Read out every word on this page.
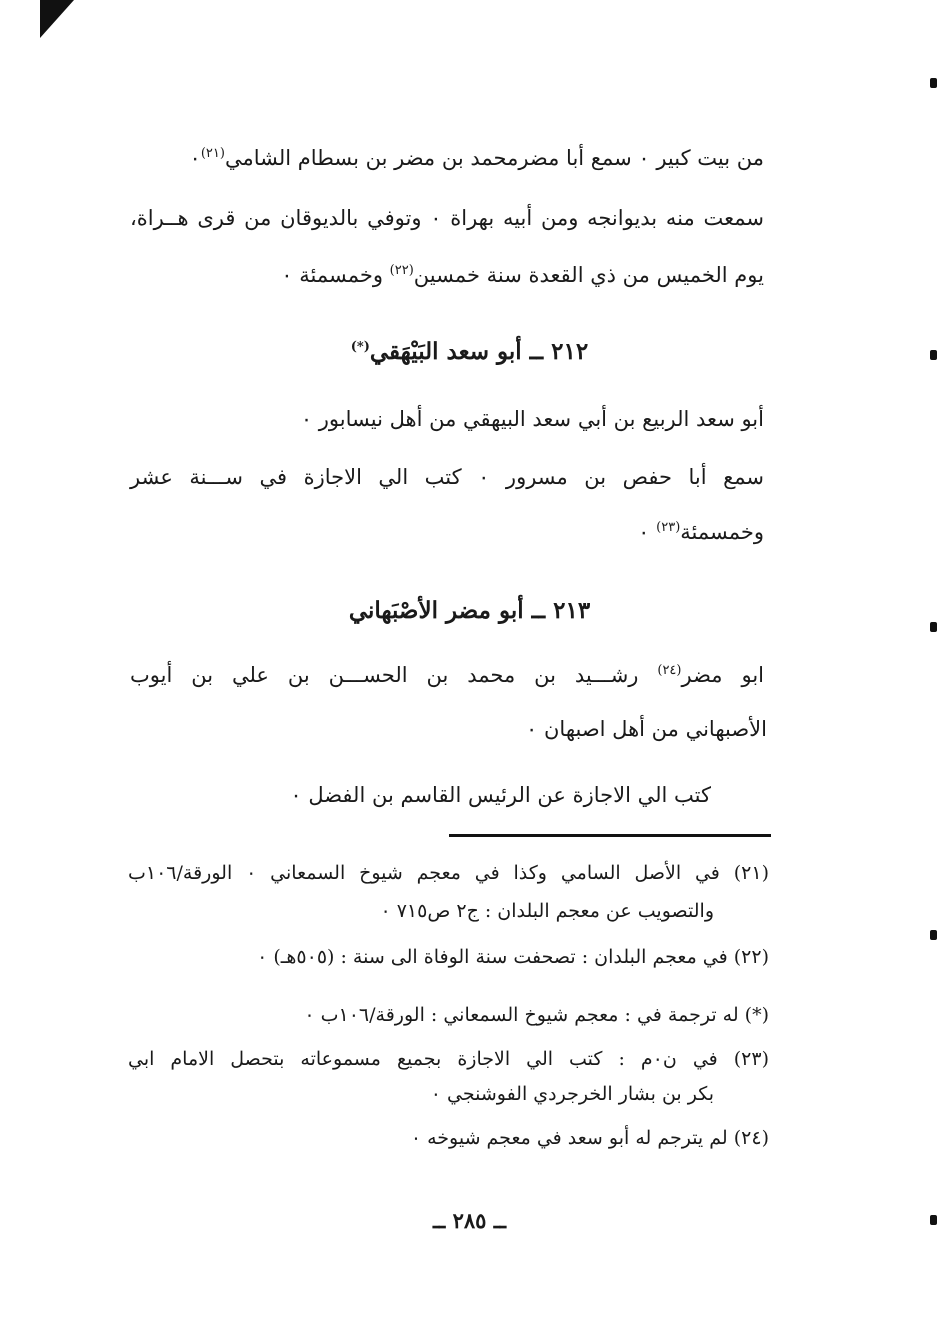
من بيت كبير ٠ سمع أبا مضرمحمد بن مضر بن بسطام الشامي$^{(٢١)}$٠
سمعت منه بديوانجه ومن أبيه بهراة ٠ وتوفي بالديوقان من قرى هــراة،
يوم الخميس من ذي القعدة سنة خمسين$^{(٢٢)}$ وخمسمئة ٠
٢١٢ ــ أبو سعد البَيْهَقي(*)
أبو سعد الربيع بن أبي سعد البيهقي من أهل نيسابور ٠
سمع أبا حفص بن مسرور ٠ كتب الي الاجازة في ســـنة عشر
وخمسمئة$^{(٢٣)}$ ٠
٢١٣ ــ أبو مضر الأصْبَهاني
ابو مضر$^{(٢٤)}$ رشـــيد بن محمد بن الحســـن بن علي بن أيوب
الأصبهاني من أهل اصبهان ٠
كتب الي الاجازة عن الرئيس القاسم بن الفضل ٠
(٢١) في الأصل السامي وكذا في معجم شيوخ السمعاني ٠ الورقة/١٠٦ب
والتصويب عن معجم البلدان : ج٢ ص٧١٥ ٠
(٢٢) في معجم البلدان : تصحفت سنة الوفاة الى سنة : (٥٠٥هـ) ٠
(*) له ترجمة في : معجم شيوخ السمعاني : الورقة/١٠٦ب ٠
(٢٣) في ن٠م : كتب الي الاجازة بجميع مسموعاته بتحصل الامام ابي
بكر بن بشار الخرجردي الفوشنجي ٠
(٢٤) لم يترجم له أبو سعد في معجم شيوخه ٠
ــ ٢٨٥ ــ
